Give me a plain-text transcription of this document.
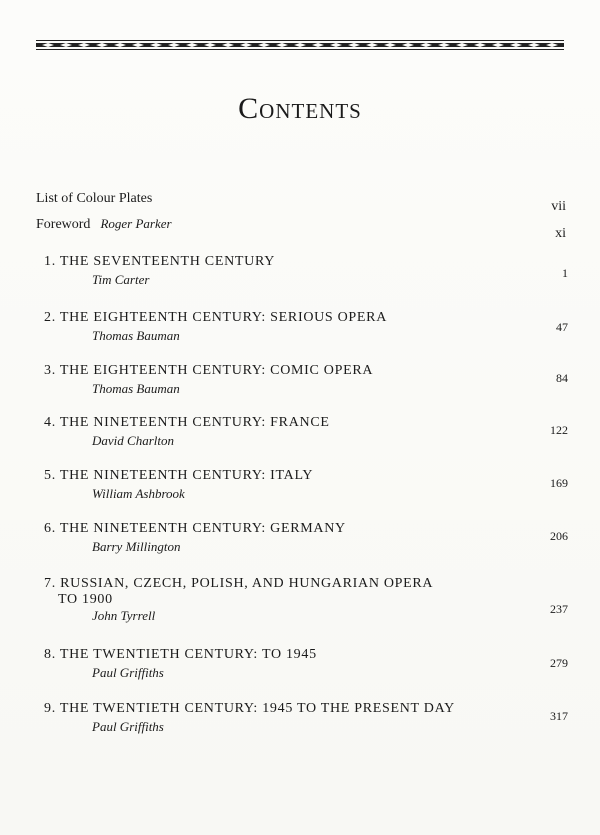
Contents
List of Colour Plates
vii
Foreword Roger Parker
xi
1. THE SEVENTEENTH CENTURY
Tim Carter	1
2. THE EIGHTEENTH CENTURY: SERIOUS OPERA
Thomas Bauman
47
3. THE EIGHTEENTH CENTURY: COMIC OPERA
Thomas Bauman
84
4. THE NINETEENTH CENTURY: FRANCE
David Charlton
122
5. THE NINETEENTH CENTURY: ITALY
William Ashbrook
169
6. THE NINETEENTH CENTURY: GERMANY
Barry Millington
206
7. RUSSIAN, CZECH, POLISH, AND HUNGARIAN OPERA
TO 1900
John Tyrrell	237
8. THE TWENTIETH CENTURY: TO 1945
Paul Griffiths
279
9. THE TWENTIETH CENTURY: 1945 TO THE PRESENT DAY
Paul Griffiths
317
